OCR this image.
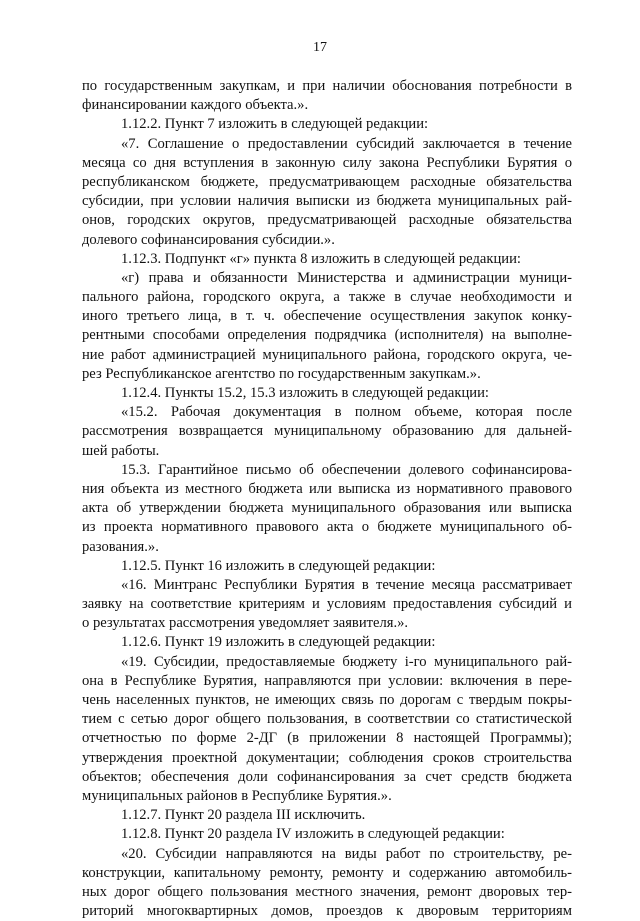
17
по государственным закупкам, и при наличии обоснования потребности в
финансировании каждого объекта.».
1.12.2. Пункт 7 изложить в следующей редакции:
«7. Соглашение о предоставлении субсидий заключается в течение
месяца со дня вступления в законную силу закона Республики Бурятия о
республиканском бюджете, предусматривающем расходные обязательства
субсидии, при условии наличия выписки из бюджета муниципальных рай-
онов, городских округов, предусматривающей расходные обязательства
долевого софинансирования субсидии.».
1.12.3. Подпункт «г» пункта 8 изложить в следующей редакции:
«г) права и обязанности Министерства и администрации муници-
пального района, городского округа, а также в случае необходимости и
иного третьего лица, в т. ч. обеспечение осуществления закупок конку-
рентными способами определения подрядчика (исполнителя) на выполне-
ние работ администрацией муниципального района, городского округа, че-
рез Республиканское агентство по государственным закупкам.».
1.12.4. Пункты 15.2, 15.3 изложить в следующей редакции:
«15.2. Рабочая документация в полном объеме, которая после
рассмотрения возвращается муниципальному образованию для дальней-
шей работы.
15.3. Гарантийное письмо об обеспечении долевого софинансирова-
ния объекта из местного бюджета или выписка из нормативного правового
акта об утверждении бюджета муниципального образования или выписка
из проекта нормативного правового акта о бюджете муниципального об-
разования.».
1.12.5. Пункт 16 изложить в следующей редакции:
«16. Минтранс Республики Бурятия в течение месяца рассматривает
заявку на соответствие критериям и условиям предоставления субсидий и
о результатах рассмотрения уведомляет заявителя.».
1.12.6. Пункт 19 изложить в следующей редакции:
«19. Субсидии, предоставляемые бюджету i-го муниципального рай-
она в Республике Бурятия, направляются при условии: включения в пере-
чень населенных пунктов, не имеющих связь по дорогам с твердым покры-
тием с сетью дорог общего пользования, в соответствии со статистической
отчетностью по форме 2-ДГ (в приложении 8 настоящей Программы);
утверждения проектной документации; соблюдения сроков строительства
объектов; обеспечения доли софинансирования за счет средств бюджета
муниципальных районов в Республике Бурятия.».
1.12.7. Пункт 20 раздела III исключить.
1.12.8. Пункт 20 раздела IV изложить в следующей редакции:
«20. Субсидии направляются на виды работ по строительству, ре-
конструкции, капитальному ремонту, ремонту и содержанию автомобиль-
ных дорог общего пользования местного значения, ремонт дворовых тер-
риторий многоквартирных домов, проездов к дворовым территориям
